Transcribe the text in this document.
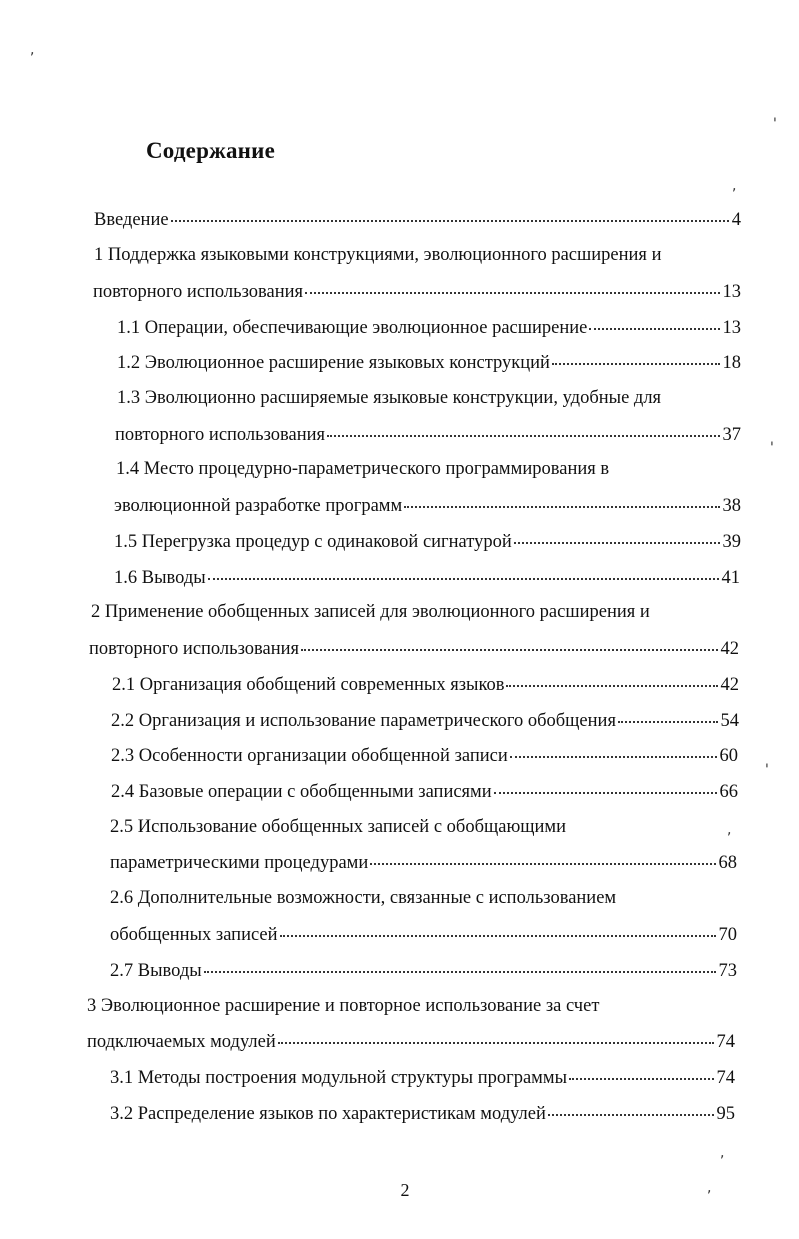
Содержание
Введение	4
1 Поддержка языковыми конструкциями, эволюционного расширения и
повторного использования	13
1.1 Операции, обеспечивающие эволюционное расширение	13
1.2 Эволюционное расширение языковых конструкций	18
1.3 Эволюционно расширяемые языковые конструкции, удобные для
повторного использования	37
1.4 Место процедурно-параметрического программирования в
эволюционной разработке программ	38
1.5 Перегрузка процедур с одинаковой сигнатурой	39
1.6 Выводы	41
2 Применение обобщенных записей для эволюционного расширения и
повторного использования	42
2.1 Организация обобщений современных языков	42
2.2 Организация и использование параметрического обобщения	54
2.3 Особенности организации обобщенной записи	60
2.4 Базовые операции с обобщенными записями	66
2.5 Использование обобщенных записей с обобщающими
параметрическими процедурами	68
2.6 Дополнительные возможности, связанные с использованием
обобщенных записей	70
2.7 Выводы	73
3 Эволюционное расширение и повторное использование за счет
подключаемых модулей	74
3.1 Методы построения модульной структуры программы	74
3.2 Распределение языков по характеристикам модулей	95
2
,
'
,
'
'
,
,
,
